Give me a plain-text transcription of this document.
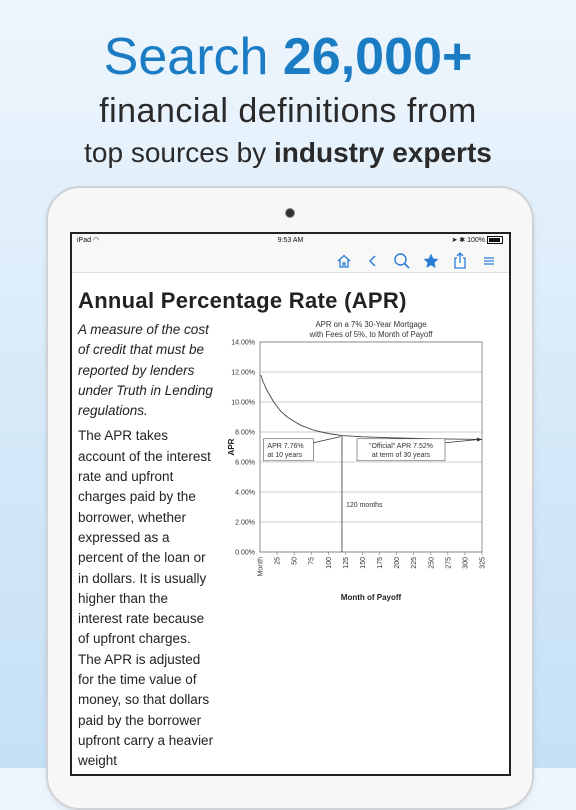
Search 26,000+
financial definitions from
top sources by industry experts
iPad ◠	9:53 AM	➤ ✱ 100%
Annual Percentage Rate (APR)

A measure of the cost of credit that must be reported by lenders under Truth in Lending regulations.

The APR takes account of the interest rate and upfront charges paid by the borrower, whether expressed as a percent of the loan or in dollars. It is usually higher than the interest rate because of upfront charges. The APR is adjusted for the time value of money, so that dollars paid by the borrower upfront carry a heavier weight

APR on a 7% 30-Year Mortgage
with Fees of 5%, to Month of Payoff
0.00%
2.00%
4.00%
6.00%
8.00%
10.00%
12.00%
14.00%
Month 25 50 75 100 125 150 175 200 225 250 275 300 325
Month of Payoff
APR
120 months
APR 7.76%
at 10 years
"Official" APR 7.52%
at term of 30 years
